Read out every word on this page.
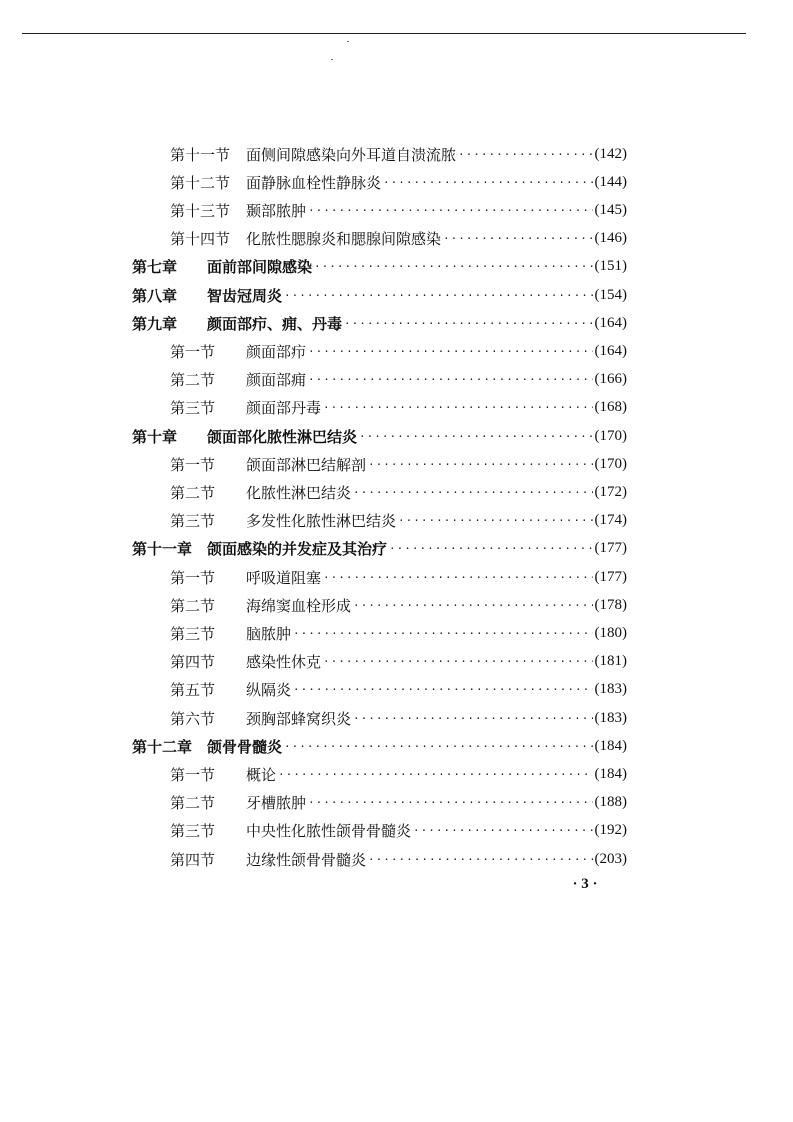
第十一节	面侧间隙感染向外耳道自溃流脓 ·····	(142)
第十二节	面静脉血栓性静脉炎 ·····	(144)
第十三节	颞部脓肿 ·····	(145)
第十四节	化脓性腮腺炎和腮腺间隙感染 ·····	(146)
第七章	面前部间隙感染 ·····	(151)
第八章	智齿冠周炎 ·····	(154)
第九章	颜面部疖、痈、丹毒 ·····	(164)
第一节	颜面部疖 ·····	(164)
第二节	颜面部痈 ·····	(166)
第三节	颜面部丹毒 ·····	(168)
第十章	颌面部化脓性淋巴结炎 ·····	(170)
第一节	颌面部淋巴结解剖 ·····	(170)
第二节	化脓性淋巴结炎 ·····	(172)
第三节	多发性化脓性淋巴结炎 ·····	(174)
第十一章 颌面感染的并发症及其治疗 ·····	(177)
第一节	呼吸道阻塞 ·····	(177)
第二节	海绵窦血栓形成 ·····	(178)
第三节	脑脓肿 ·····	(180)
第四节	感染性休克 ·····	(181)
第五节	纵隔炎 ·····	(183)
第六节	颈胸部蜂窝织炎 ·····	(183)
第十二章 颌骨骨髓炎 ·····	(184)
第一节	概论 ·····	(184)
第二节	牙槽脓肿 ·····	(188)
第三节	中央性化脓性颌骨骨髓炎 ·····	(192)
第四节	边缘性颌骨骨髓炎 ·····	(203)
· 3 ·
